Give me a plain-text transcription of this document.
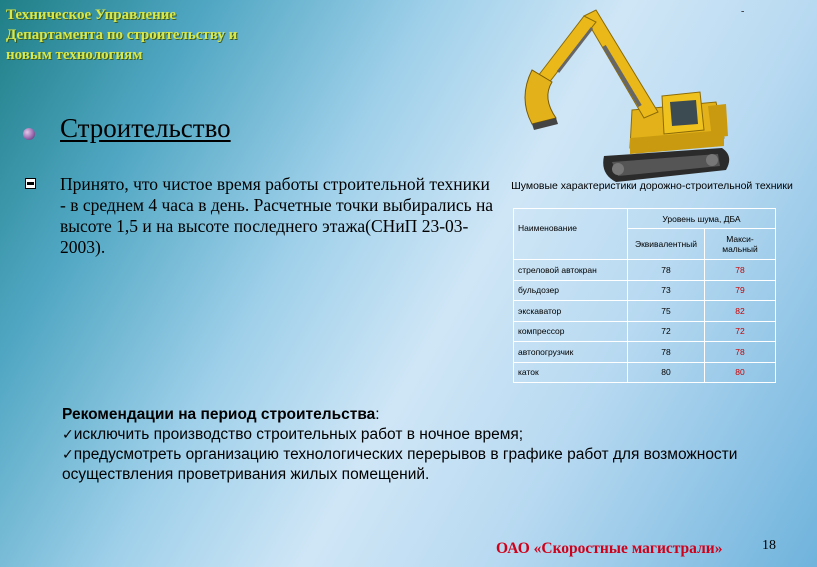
Техническое Управление
Департамента по строительству и
новым технологиям
-
Строительство
Принято, что чистое время работы строительной техники - в среднем 4 часа в день. Расчетные точки выбирались на высоте 1,5 и на высоте последнего этажа(СНиП 23-03-2003).
Шумовые характеристики дорожно-строительной техники
Наименование	Уровень шума, ДБА	
	Эквивалентный	Макси-мальный
стреловой автокран	78	78
бульдозер	73	79
экскаватор	75	82
компрессор	72	72
автопогрузчик	78	78
каток	80	80
Рекомендации на период строительства:
✓исключить производство строительных работ в ночное время;
✓предусмотреть организацию технологических перерывов в графике работ для возможности осуществления проветривания жилых помещений.
ОАО «Скоростные магистрали»	18
